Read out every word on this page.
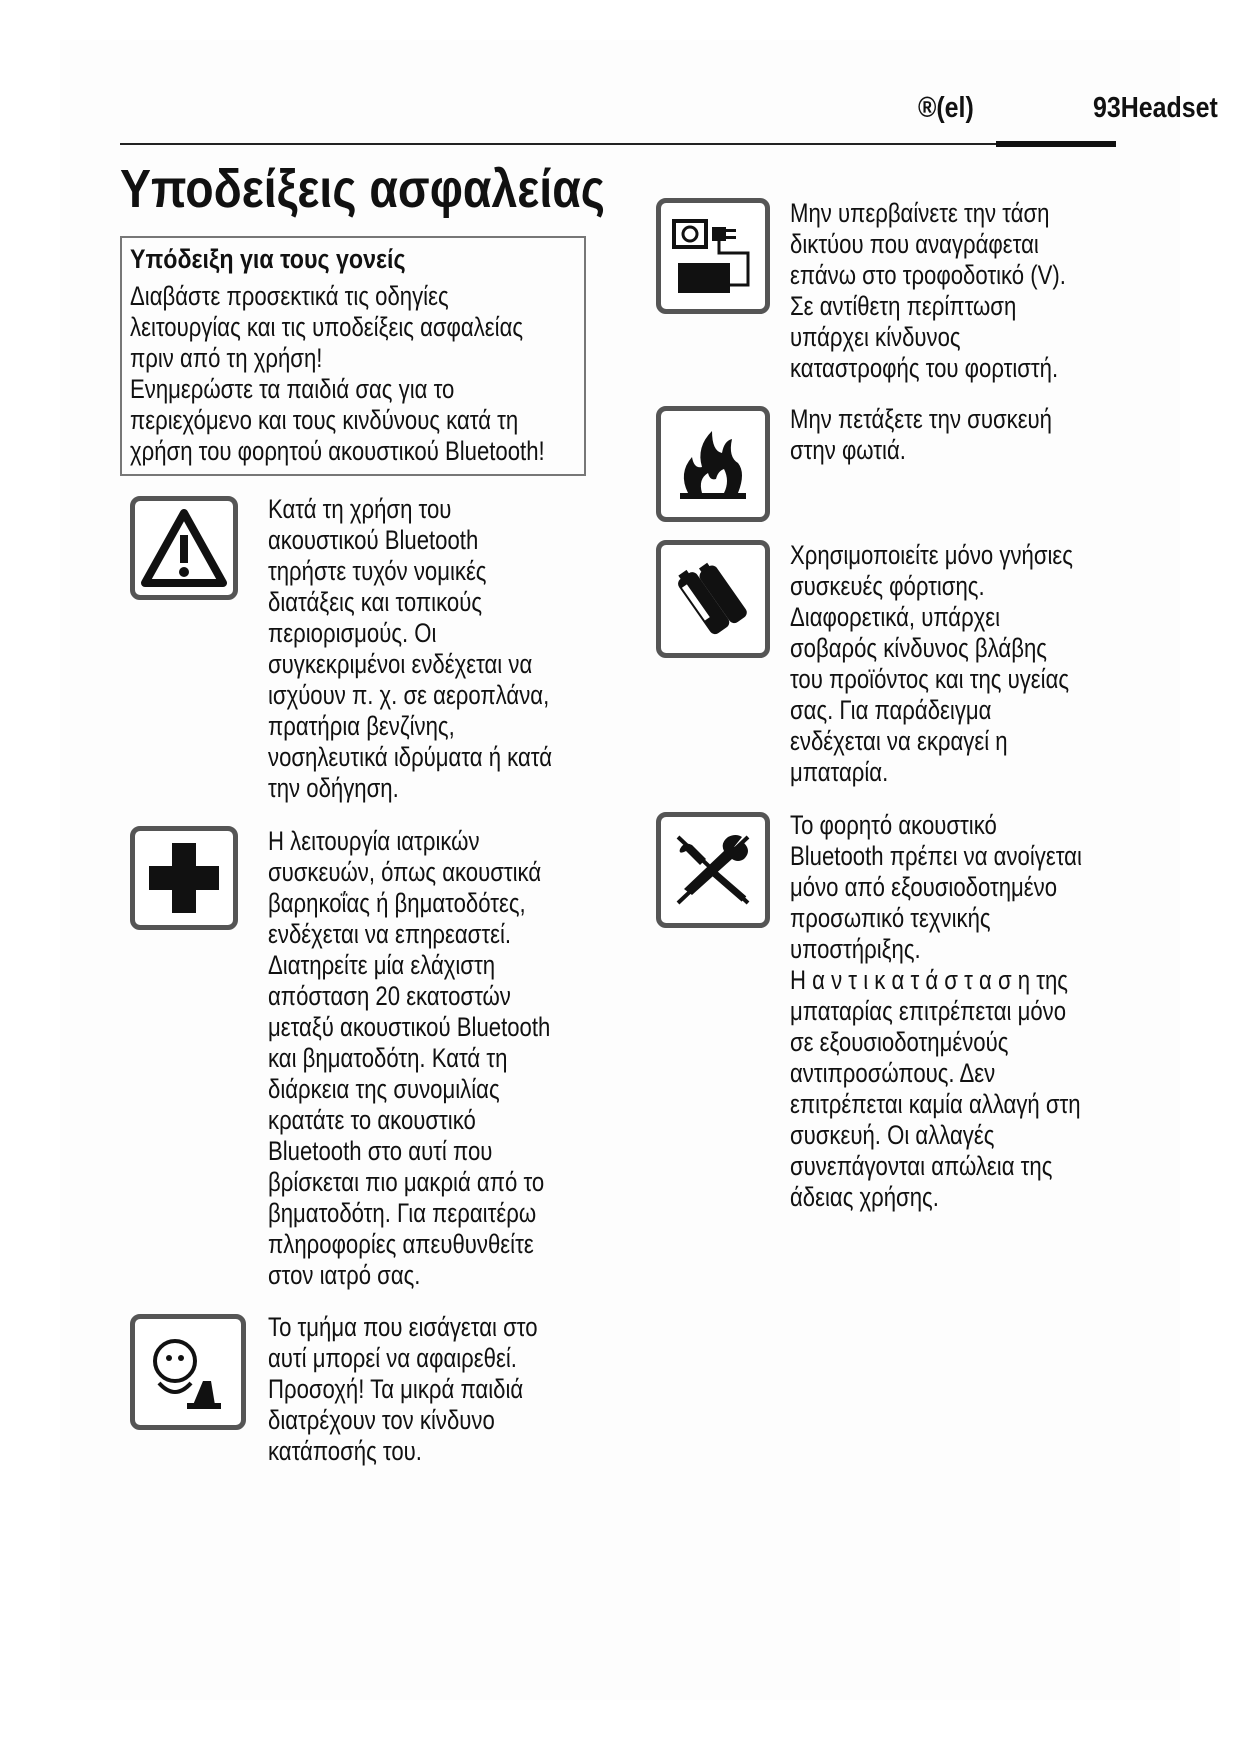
®(el)	93Headset
Υποδείξεις ασφαλείας
Υπόδειξη για τους γονείς
Διαβάστε προσεκτικά τις οδηγίες
λειτουργίας και τις υποδείξεις ασφαλείας
πριν από τη χρήση!
Ενημερώστε τα παιδιά σας για το
περιεχόμενο και τους κινδύνους κατά τη
χρήση του φορητού ακουστικού Bluetooth!
Κατά τη χρήση του
ακουστικού Bluetooth
τηρήστε τυχόν νομικές
διατάξεις και τοπικούς
περιορισμούς. Οι
συγκεκριμένοι ενδέχεται να
ισχύουν π. χ. σε αεροπλάνα,
πρατήρια βενζίνης,
νοσηλευτικά ιδρύματα ή κατά
την οδήγηση.
Η λειτουργία ιατρικών
συσκευών, όπως ακουστικά
βαρηκοΐας ή βηματοδότες,
ενδέχεται να επηρεαστεί.
Διατηρείτε μία ελάχιστη
απόσταση 20 εκατοστών
μεταξύ ακουστικού Bluetooth
και βηματοδότη. Κατά τη
διάρκεια της συνομιλίας
κρατάτε το ακουστικό
Bluetooth στο αυτί που
βρίσκεται πιο μακριά από το
βηματοδότη. Για περαιτέρω
πληροφορίες απευθυνθείτε
στον ιατρό σας.
Το τμήμα που εισάγεται στο
αυτί μπορεί να αφαιρεθεί.
Προσοχή! Τα μικρά παιδιά
διατρέχουν τον κίνδυνο
κατάποσής του.
Μην υπερβαίνετε την τάση
δικτύου που αναγράφεται
επάνω στο τροφοδοτικό (V).
Σε αντίθετη περίπτωση
υπάρχει κίνδυνος
καταστροφής του φορτιστή.
Μην πετάξετε την συσκευή
στην φωτιά.
Χρησιμοποιείτε μόνο γνήσιες
συσκευές φόρτισης.
Διαφορετικά, υπάρχει
σοβαρός κίνδυνος βλάβης
του προϊόντος και της υγείας
σας. Για παράδειγμα
ενδέχεται να εκραγεί η
μπαταρία.
Το φορητό ακουστικό
Bluetooth πρέπει να ανοίγεται
μόνο από εξουσιοδοτημένο
προσωπικό τεχνικής
υποστήριξης.
Η α ν τ ι κ α τ ά σ τ α σ η της
μπαταρίας επιτρέπεται μόνο
σε εξουσιοδοτημένούς
αντιπροσώπους. Δεν
επιτρέπεται καμία αλλαγή στη
συσκευή. Οι αλλαγές
συνεπάγονται απώλεια της
άδειας χρήσης.
